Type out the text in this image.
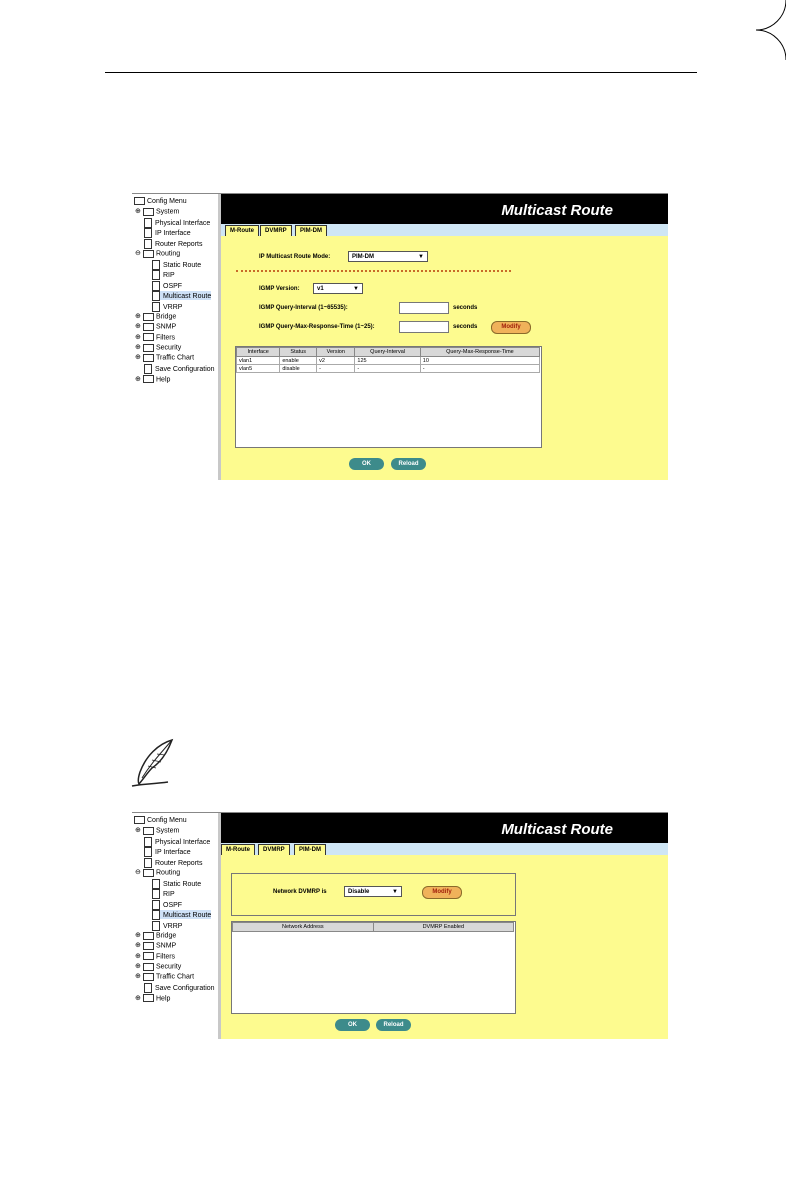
Config Menu
⊕ System
Physical Interface
IP Interface
Router Reports
⊖ Routing
Static Route
RIP
OSPF
Multicast Route
VRRP
⊕ Bridge
⊕ SNMP
⊕ Filters
⊕ Security
⊕ Traffic Chart
Save Configuration
⊕ Help
Multicast Route
M-Route	DVMRP	PIM-DM
IP Multicast Route Mode:	PIM-DM	▼
IGMP Version:	v1	▼
IGMP Query-Interval (1~65535):	seconds
IGMP Query-Max-Response-Time (1~25):	seconds	Modify
Interface	Status	Version	Query-Interval	Query-Max-Response-Time
vlan1	enable	v2	125	10
vlan5	disable	-	-	-
OK	Reload
Config Menu
⊕ System
Physical Interface
IP Interface
Router Reports
⊖ Routing
Static Route
RIP
OSPF
Multicast Route
VRRP
⊕ Bridge
⊕ SNMP
⊕ Filters
⊕ Security
⊕ Traffic Chart
Save Configuration
⊕ Help
Multicast Route
M-Route	DVMRP	PIM-DM
Network DVMRP is	Disable	▼	Modify
Network Address	DVMRP Enabled
OK	Reload
